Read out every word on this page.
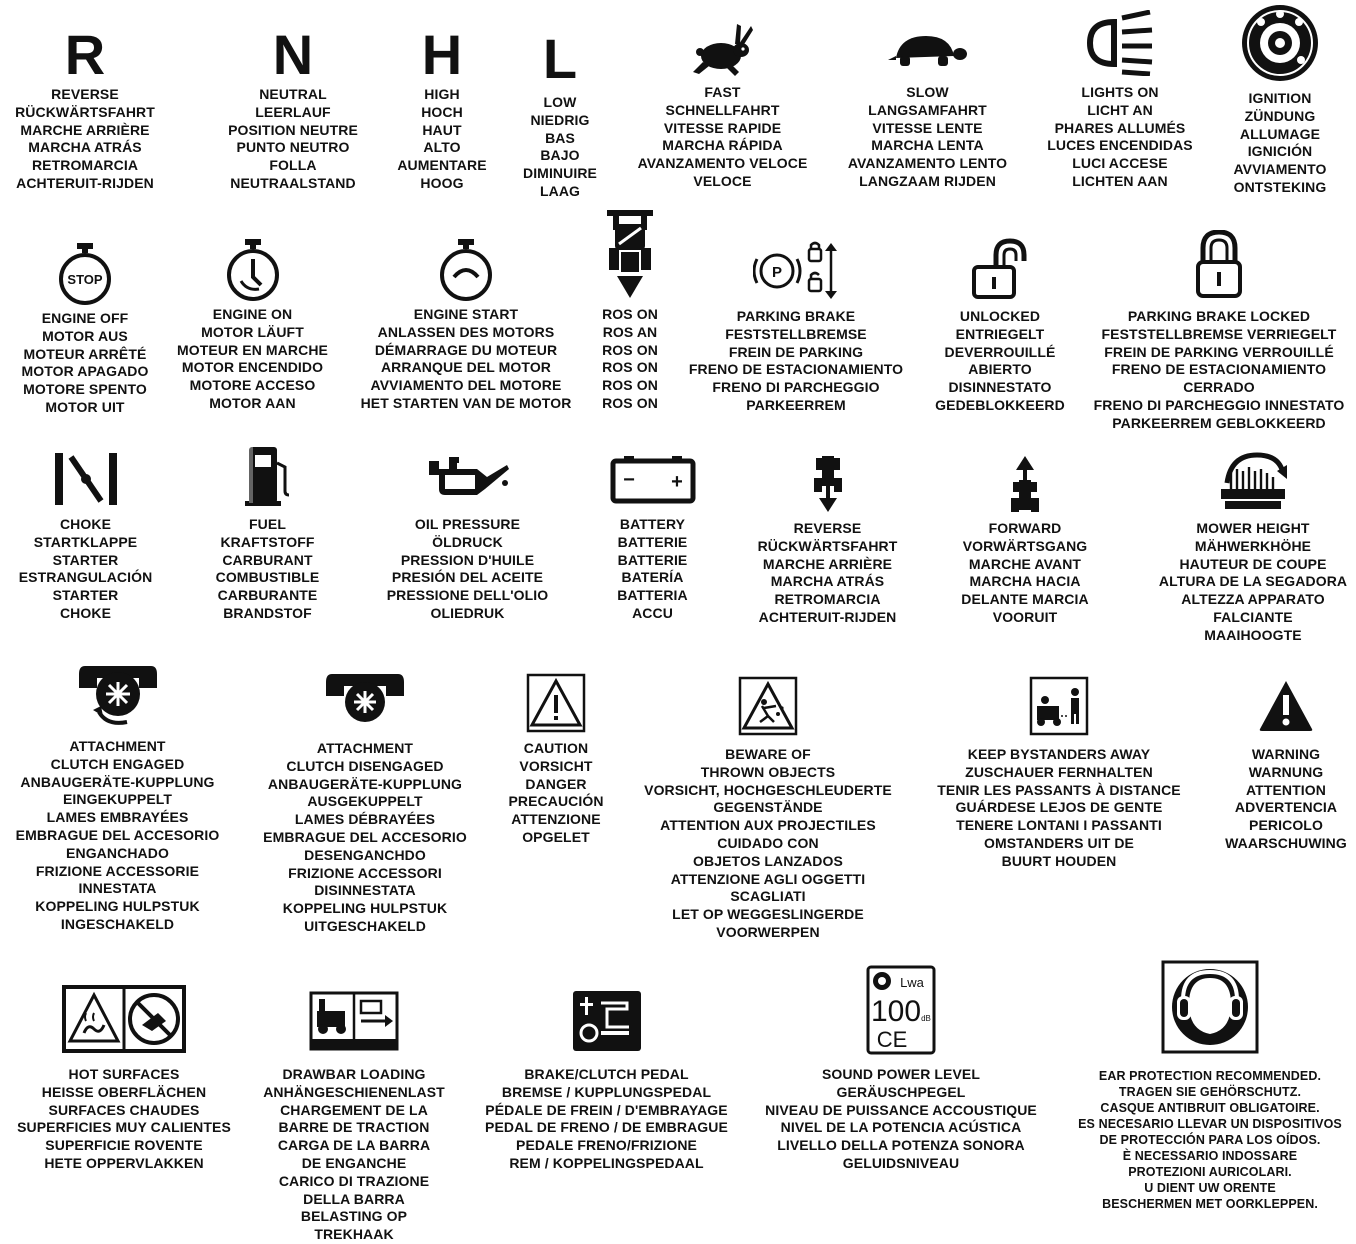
R
REVERSE
RÜCKWÄRTSFAHRT
MARCHE ARRIÈRE
MARCHA ATRÁS
RETROMARCIA
ACHTERUIT-RIJDEN
N
NEUTRAL
LEERLAUF
POSITION NEUTRE
PUNTO NEUTRO
FOLLA
NEUTRAALSTAND
H
HIGH
HOCH
HAUT
ALTO
AUMENTARE
HOOG
L
LOW
NIEDRIG
BAS
BAJO
DIMINUIRE
LAAG
FAST
SCHNELLFAHRT
VITESSE RAPIDE
MARCHA RÁPIDA
AVANZAMENTO VELOCE
VELOCE
SLOW
LANGSAMFAHRT
VITESSE LENTE
MARCHA LENTA
AVANZAMENTO LENTO
LANGZAAM RIJDEN
LIGHTS ON
LICHT AN
PHARES ALLUMÉS
LUCES ENCENDIDAS
LUCI ACCESE
LICHTEN AAN
IGNITION
ZÜNDUNG
ALLUMAGE
IGNICIÓN
AVVIAMENTO
ONTSTEKING
STOP
ENGINE OFF
MOTOR AUS
MOTEUR ARRÊTÉ
MOTOR APAGADO
MOTORE SPENTO
MOTOR UIT
ENGINE ON
MOTOR LÄUFT
MOTEUR EN MARCHE
MOTOR ENCENDIDO
MOTORE ACCESO
MOTOR AAN
ENGINE START
ANLASSEN DES MOTORS
DÉMARRAGE DU MOTEUR
ARRANQUE DEL MOTOR
AVVIAMENTO DEL MOTORE
HET STARTEN VAN DE MOTOR
ROS ON
ROS AN
ROS ON
ROS ON
ROS ON
ROS ON
P
PARKING BRAKE
FESTSTELLBREMSE
FREIN DE PARKING
FRENO DE ESTACIONAMIENTO
FRENO DI PARCHEGGIO
PARKEERREM
UNLOCKED
ENTRIEGELT
DEVERROUILLÉ
ABIERTO
DISINNESTATO
GEDEBLOKKEERD
PARKING BRAKE LOCKED
FESTSTELLBREMSE VERRIEGELT
FREIN DE PARKING VERROUILLÉ
FRENO DE ESTACIONAMIENTO
CERRADO
FRENO DI PARCHEGGIO INNESTATO
PARKEERREM GEBLOKKEERD
CHOKE
STARTKLAPPE
STARTER
ESTRANGULACIÓN
STARTER
CHOKE
FUEL
KRAFTSTOFF
CARBURANT
COMBUSTIBLE
CARBURANTE
BRANDSTOF
OIL PRESSURE
ÖLDRUCK
PRESSION D'HUILE
PRESIÓN DEL ACEITE
PRESSIONE DELL'OLIO
OLIEDRUK
− +
BATTERY
BATTERIE
BATTERIE
BATERÍA
BATTERIA
ACCU
REVERSE
RÜCKWÄRTSFAHRT
MARCHE ARRIÈRE
MARCHA ATRÁS
RETROMARCIA
ACHTERUIT-RIJDEN
FORWARD
VORWÄRTSGANG
MARCHE AVANT
MARCHA HACIA
DELANTE MARCIA
VOORUIT
MOWER HEIGHT
MÄHWERKHÖHE
HAUTEUR DE COUPE
ALTURA DE LA SEGADORA
ALTEZZA APPARATO
FALCIANTE
MAAIHOOGTE
ATTACHMENT
CLUTCH ENGAGED
ANBAUGERÄTE-KUPPLUNG
EINGEKUPPELT
LAMES EMBRAYÉES
EMBRAGUE DEL ACCESORIO
ENGANCHADO
FRIZIONE ACCESSORIE
INNESTATA
KOPPELING HULPSTUK
INGESCHAKELD
ATTACHMENT
CLUTCH DISENGAGED
ANBAUGERÄTE-KUPPLUNG
AUSGEKUPPELT
LAMES DÉBRAYÉES
EMBRAGUE DEL ACCESORIO
DESENGANCHDO
FRIZIONE ACCESSORI
DISINNESTATA
KOPPELING HULPSTUK
UITGESCHAKELD
CAUTION
VORSICHT
DANGER
PRECAUCIÓN
ATTENZIONE
OPGELET
BEWARE OF
THROWN OBJECTS
VORSICHT, HOCHGESCHLEUDERTE
GEGENSTÄNDE
ATTENTION AUX PROJECTILES
CUIDADO CON
OBJETOS LANZADOS
ATTENZIONE AGLI OGGETTI
SCAGLIATI
LET OP WEGGESLINGERDE
VOORWERPEN
KEEP BYSTANDERS AWAY
ZUSCHAUER FERNHALTEN
TENIR LES PASSANTS À DISTANCE
GUÁRDESE LEJOS DE GENTE
TENERE LONTANI I PASSANTI
OMSTANDERS UIT DE
BUURT HOUDEN
WARNING
WARNUNG
ATTENTION
ADVERTENCIA
PERICOLO
WAARSCHUWING
HOT SURFACES
HEISSE OBERFLÄCHEN
SURFACES CHAUDES
SUPERFICIES MUY CALIENTES
SUPERFICIE ROVENTE
HETE OPPERVLAKKEN
DRAWBAR LOADING
ANHÄNGESCHIENENLAST
CHARGEMENT DE LA
BARRE DE TRACTION
CARGA DE LA BARRA
DE ENGANCHE
CARICO DI TRAZIONE
DELLA BARRA
BELASTING OP
TREKHAAK
BRAKE/CLUTCH PEDAL
BREMSE / KUPPLUNGSPEDAL
PÉDALE DE FREIN / D'EMBRAYAGE
PEDAL DE FRENO / DE EMBRAGUE
PEDALE FRENO/FRIZIONE
REM / KOPPELINGSPEDAAL
Lwa
100 dB
CE
SOUND POWER LEVEL
GERÄUSCHPEGEL
NIVEAU DE PUISSANCE ACCOUSTIQUE
NIVEL DE LA POTENCIA ACÚSTICA
LIVELLO DELLA POTENZA SONORA
GELUIDSNIVEAU
EAR PROTECTION RECOMMENDED.
TRAGEN SIE GEHÖRSCHUTZ.
CASQUE ANTIBRUIT OBLIGATOIRE.
ES NECESARIO LLEVAR UN DISPOSITIVOS
DE PROTECCIÓN PARA LOS OÍDOS.
È NECESSARIO INDOSSARE
PROTEZIONI AURICOLARI.
U DIENT UW ORENTE
BESCHERMEN MET OORKLEPPEN.
